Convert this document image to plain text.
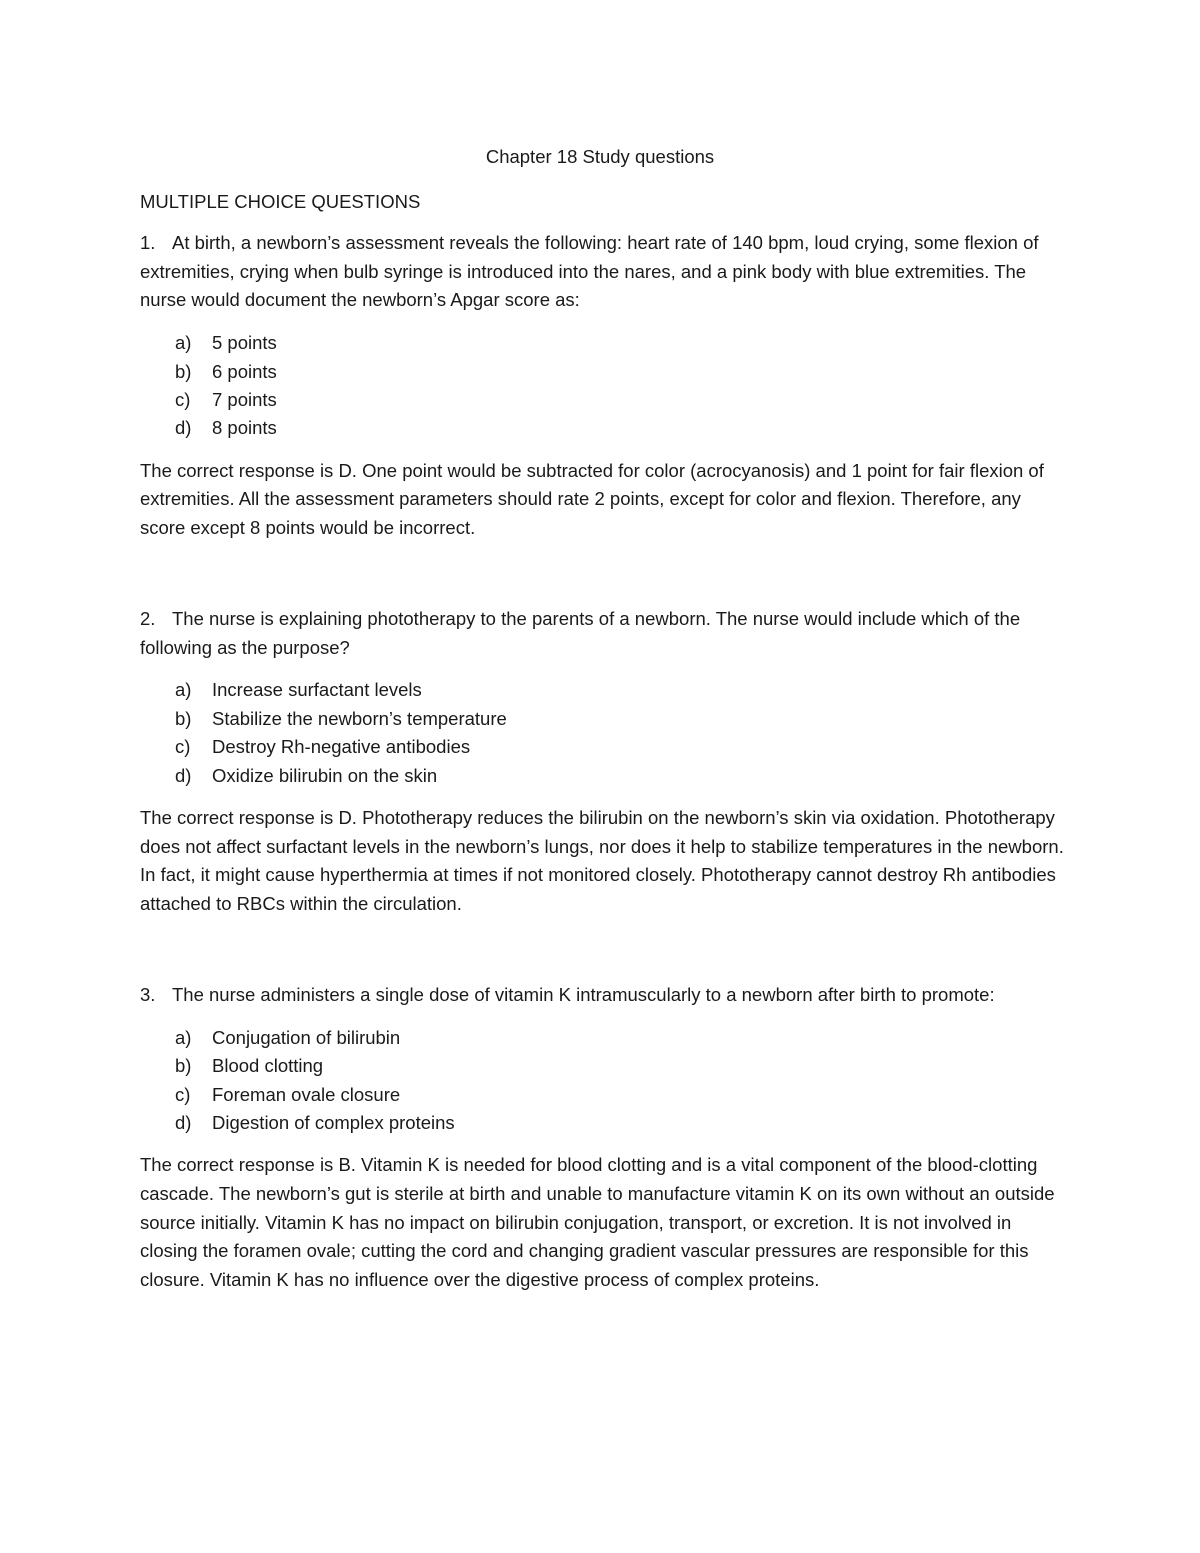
Chapter 18 Study questions
MULTIPLE CHOICE QUESTIONS

1. At birth, a newborn’s assessment reveals the following: heart rate of 140 bpm, loud crying, some flexion of extremities, crying when bulb syringe is introduced into the nares, and a pink body with blue extremities. The nurse would document the newborn’s Apgar score as:

a) 5 points
b) 6 points
c) 7 points
d) 8 points

The correct response is D. One point would be subtracted for color (acrocyanosis) and 1 point for fair flexion of extremities. All the assessment parameters should rate 2 points, except for color and flexion. Therefore, any score except 8 points would be incorrect.

2. The nurse is explaining phototherapy to the parents of a newborn. The nurse would include which of the following as the purpose?

a) Increase surfactant levels
b) Stabilize the newborn’s temperature
c) Destroy Rh-negative antibodies
d) Oxidize bilirubin on the skin

The correct response is D. Phototherapy reduces the bilirubin on the newborn’s skin via oxidation. Phototherapy does not affect surfactant levels in the newborn’s lungs, nor does it help to stabilize temperatures in the newborn. In fact, it might cause hyperthermia at times if not monitored closely. Phototherapy cannot destroy Rh antibodies attached to RBCs within the circulation.

3. The nurse administers a single dose of vitamin K intramuscularly to a newborn after birth to promote:

a) Conjugation of bilirubin
b) Blood clotting
c) Foreman ovale closure
d) Digestion of complex proteins

The correct response is B. Vitamin K is needed for blood clotting and is a vital component of the blood-clotting cascade. The newborn’s gut is sterile at birth and unable to manufacture vitamin K on its own without an outside source initially. Vitamin K has no impact on bilirubin conjugation, transport, or excretion. It is not involved in closing the foramen ovale; cutting the cord and changing gradient vascular pressures are responsible for this closure. Vitamin K has no influence over the digestive process of complex proteins.
